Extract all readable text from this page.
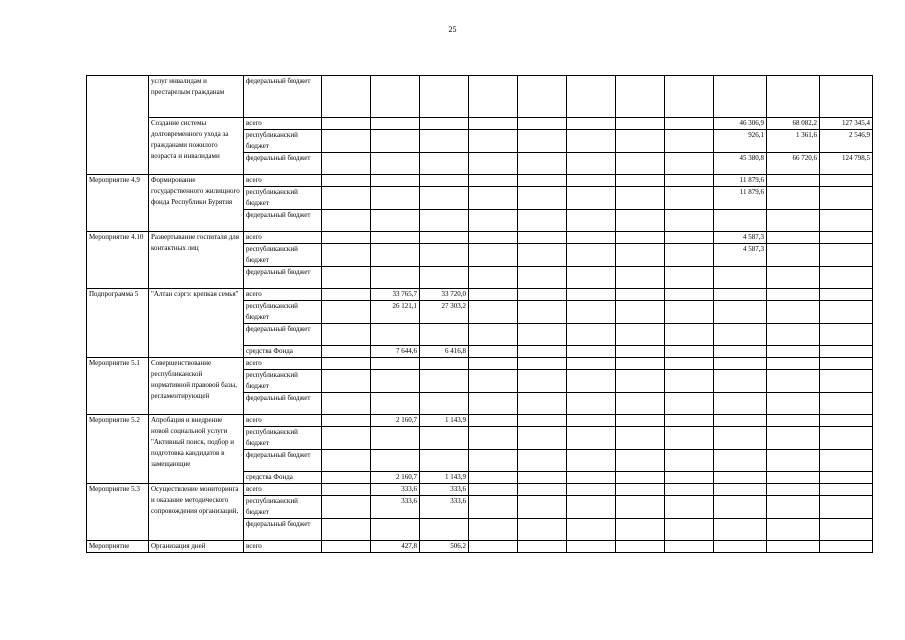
25
	услуг инвалидам и престарелым гражданам	федеральный бюджет											
	Создание системы долговременного ухода за гражданами пожилого возраста и инвалидами	всего									46 306,9	68 082,2	127 345,4
		республиканский бюджет									926,1	1 361,6	2 546,9
		федеральный бюджет									45 380,8	66 720,6	124 798,5
Мероприятие 4.9	Формирование государственного жилищного фонда Республики Бурятия	всего									11 879,6		
		республиканский бюджет									11 879,6		
		федеральный бюджет											
Мероприятие 4.10	Развертывание госпиталя для контактных лиц	всего									4 587,3		
		республиканский бюджет									4 587,3		
		федеральный бюджет											
Подпрограмма 5	"Алтан сэргэ: крепкая семья"	всего		33 765,7	33 720,0								
		республиканский бюджет		26 121,1	27 303,2								
		федеральный бюджет											
		средства Фонда		7 644,6	6 416,8								
Мероприятие 5.1	Совершенствование республиканской нормативной правовой базы, регламентирующей	всего											
		республиканский бюджет											
		федеральный бюджет											
Мероприятие 5.2	Апробация и внедрение новой социальной услуги "Активный поиск, подбор и подготовка кандидатов в замещающие	всего		2 160,7	1 143,9								
		республиканский бюджет											
		федеральный бюджет											
		средства Фонда		2 160,7	1 143,9								
Мероприятие 5.3	Осуществление мониторинга и оказание методического сопровождения организаций,	всего		333,6	333,6								
		республиканский бюджет		333,6	333,6								
		федеральный бюджет											
Мероприятие	Организация дней	всего		427,8	506,2								
